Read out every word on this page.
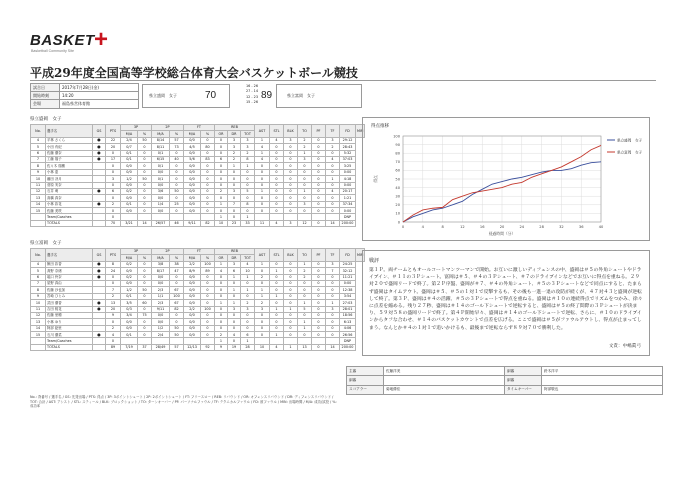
BASKET +
Basketball Community Site
平成29年度全国高等学校総合体育大会バスケットボール競技
試合日	2017年7月28日(金)
開始時刻	14:20
会場	福島県営体育館
県立盛岡　女子	70
16 - 26
27 - 14
12 - 23
15 - 26
89	県立富岡　女子
県立盛岡　女子
No.	選手名	GS	PTS	3P		2P		FT		REB			AST	STL	BLK	TO	PF	TF	FD	MIN
				M/A	%	M/A	%	M/A	%	OR	DR	TOT								
4	平林 さくら	●	22	2/4	50	8/14	57	0/0	0	0	3	3	1	4	3	2	0	3	29:12	
5	小田 有紀	●	20	0/7	0	8/11	73	4/5	80	0	3	3	4	0	0	2	0	2	28:43	
6	佐藤 優奈	●	0	0/1	0	0/1	0	0/0	0	0	2	2	1	0	0	1	0	0	5:32	
7	工藤 翔子	●	17	0/1	0	6/15	40	5/6	83	6	2	8	4	0	0	3	0	4	37:03	
8	佐々木 瑞穂		0	0/0	0	0/1	0	0/0	0	0	1	1	0	0	0	0	0	0	3:25	
9	小林 恵		0	0/0	0	0/0	0	0/0	0	0	0	0	0	0	0	0	0	0	0:00	
10	藤田 冴月		3	1/2	50	0/1	0	0/0	0	0	0	0	0	0	0	0	0	1	4:18	
11	菅原 実奈		0	0/0	0	0/0	0	0/0	0	0	0	0	0	0	0	0	0	0	0:00	
12	石井 萌	●	6	0/2	0	3/6	50	0/0	0	2	3	5	1	0	0	1	0	4	20:17	
13	高橋 真奈		0	0/0	0	0/0	0	0/0	0	0	0	0	0	0	0	0	0	0	1:21	
14	小林 彩花	●	2	0/1	0	1/4	25	0/0	0	1	7	8	0	0	0	3	0	0	37:34	
15	佐藤 美咲		0	0/0	0	0/0	0	0/0	0	0	0	0	0	0	0	0	0	0	0:00	
	Team/Coaches		0							1	0	1							DNP	
	TOTALS		70	3/21	14	26/57	46	9/11	82	10	23	33	11	4	3	12	0	14	200:00	
県立富岡　女子
No.	選手名	GS	PTS	3P		2P		FT		REB			AST	STL	BLK	TO	PF	TF	FD	MIN
				M/A	%	M/A	%	M/A	%	OR	DR	TOT								
4	飯田 彩香	●	8	0/2	0	3/8	38	2/2	100	1	3	4	1	0	0	1	0	3	24:25	
5	髙野 奈緒	●	24	0/0	0	8/17	47	8/9	89	4	6	10	0	1	0	2	0	7	32:12	
6	堀口 伶奈	●	0	0/2	0	0/0	0	0/0	0	0	1	1	2	0	0	2	0	0	11:21	
7	星野 真由		0	0/0	0	0/0	0	0/0	0	0	0	0	0	0	0	0	0	0	0:00	
8	佐藤 沙也加		7	1/2	50	2/3	67	0/0	0	0	1	1	1	0	0	0	0	0	12:38	
9	宮崎 ひとみ		2	0/1	0	1/1	100	0/0	0	0	0	0	1	1	0	0	0	0	3:54	
10	武田 優香	●	13	3/5	60	2/3	67	0/0	0	1	1	2	2	0	0	1	0	1	27:03	
11	吉田 桃花	●	20	0/3	0	9/11	82	2/2	100	0	3	3	3	1	1	5	0	3	28:01	
12	佐藤 里穂		9	3/4	75	0/0	0	0/0	0	0	0	0	0	0	0	0	0	0	18:56	
13	小林 ゆり		0	0/0	0	0/0	0	0/0	0	0	0	0	0	0	0	1	0	0	6:13	
14	阿部 絵里		2	0/0	0	1/2	50	0/0	0	0	0	0	0	0	0	1	0	0	4:06	
15	石川 優菜	●	4	0/1	0	2/4	50	0/0	0	2	4	6	0	1	0	0	0	0	26:56	
	Team/Coaches		0							1	0	1							DNP	
	TOTALS		89	7/19	37	28/49	57	12/13	92	9	19	28	10	4	1	13	0	14	200:00	
No.: 背番号 / 選手名 / GS: 先発出場 / PTS: 得点 / 3P: 3ポイントシュート / 2P: 2ポイントシュート / FT: フリースロー / REB: リバウンド / OR: オフェンスリバウンド / DR: ディフェンスリバウンド / TOT: 合計 / AST: アシスト / STL: スティール / BLK: ブロックショット / TO: ターンオーバー / PF: パーソナルファウル / TF: テクニカルファウル / FD: 被ファウル / MIN: 出場時間 / M/A: 成功/試投 / %: 成功率
得点推移
0
10
20
30
40
50
60
70
80
90
100
0	4	8	12	16	20	24	28	32	36	40
経過時間（分）
得点
県立盛岡　女子
県立富岡　女子
戦評
第１Ｐ。両チームともオールコートマンツーマンで開始。お互いに激しいディフェンスの中、盛岡は＃５の外角シュートやドライブイン、＃１１の３Ｐシュート。富岡は＃５、＃４の３Ｐシュート、＃７のドライブインなどでお互いに得点を重ねる。２９対２０で盛岡リードで終了。第２Ｐ序盤、盛岡が＃７、＃４の外角シュート、＃５の３Ｐシュートなどで同点にすると、たまらず盛岡はタイムアウト。盛岡は＃５、＃５の１対１で反撃するも、その後も一進一退の攻防が続くが、４７対４３と盛岡が逆転して終了。第３Ｐ、盛岡は＃４の活躍、＃５の３Ｐシュートで得点を重ねる。盛岡は＃１０の連続得点でリズムをつかみ、徐々に点差を縮める。残り２７秒、盛岡は＃１４のゴール下シュートで逆転すると、盛岡は＃５の終了間際の３Ｐシュートが決まり、５９対５８の盛岡リードで終了。第４Ｐ開始早々、盛岡は＃１４のゴール下シュートで逆転、さらに、＃１０のドライブインからタフな合わせ、＃１４のバスケットカウントで点差を広げる。ここで盛岡は＃５がファウルアウトし、得点が止まってしまう。なんとか＃４の１対１で追いかけるも、最後まで逆転ならず８９対７０で勝利した。
文責：中嶋眞弓
主審	佐藤洋美	副審	鈴木洋平
副審		副審	
スコアラー	菊地優佳	タイムキーパー	阿部敬也
